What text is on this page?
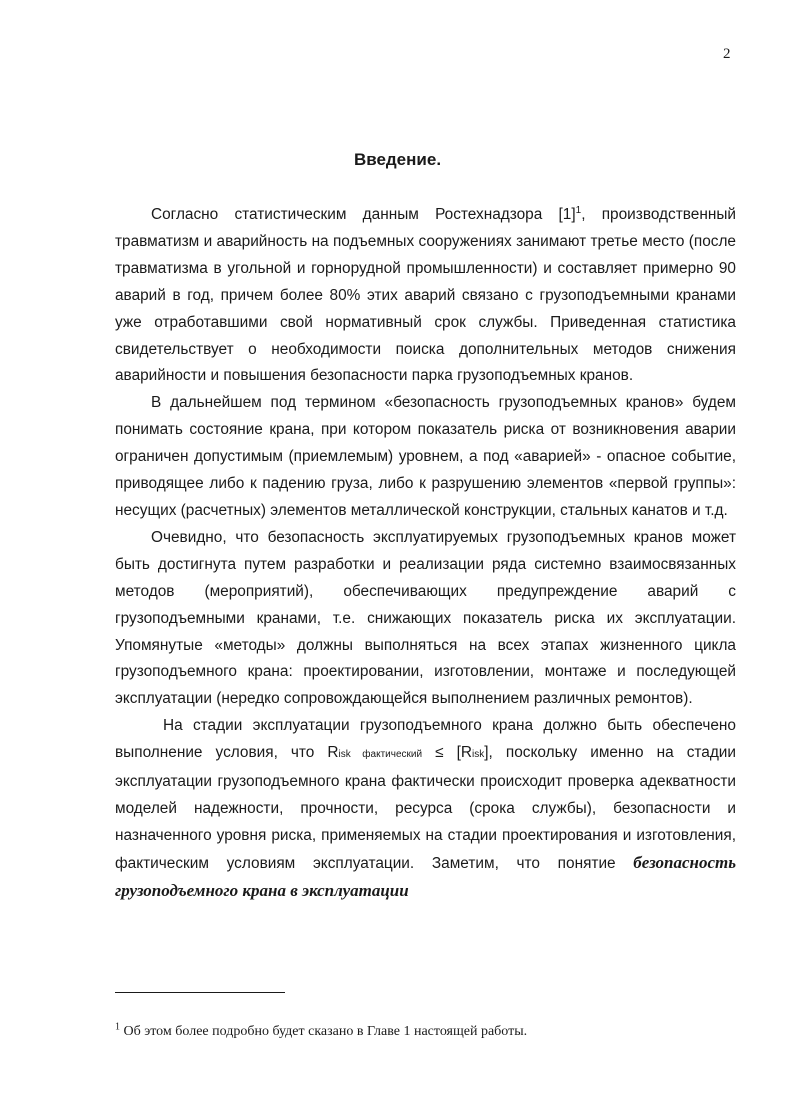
2
Введение.

Согласно статистическим данным Ростехнадзора [1]$^1$, производственный травматизм и аварийность на подъемных сооружениях занимают третье место (после травматизма в угольной и горнорудной промышленности) и составляет примерно 90 аварий в год, причем более 80% этих аварий связано с грузоподъемными кранами уже отработавшими свой нормативный срок службы. Приведенная статистика свидетельствует о необходимости поиска дополнительных методов снижения аварийности и повышения безопасности парка грузоподъемных кранов.

В дальнейшем под термином «безопасность грузоподъемных кранов» будем понимать состояние крана, при котором показатель риска от возникновения аварии ограничен допустимым (приемлемым) уровнем, а под «аварией» - опасное событие, приводящее либо к падению груза, либо к разрушению элементов «первой группы»: несущих (расчетных) элементов металлической конструкции, стальных канатов и т.д.

Очевидно, что безопасность эксплуатируемых грузоподъемных кранов может быть достигнута путем разработки и реализации ряда системно взаимосвязанных методов (мероприятий), обеспечивающих предупреждение аварий с грузоподъемными кранами, т.е. снижающих показатель риска их эксплуатации. Упомянутые «методы» должны выполняться на всех этапах жизненного цикла грузоподъемного крана: проектировании, изготовлении, монтаже и последующей эксплуатации (нередко сопровождающейся выполнением различных ремонтов).

На стадии эксплуатации грузоподъемного крана должно быть обеспечено выполнение условия, что Risk фактический ≤ [Risk], поскольку именно на стадии эксплуатации грузоподъемного крана фактически происходит проверка адекватности моделей надежности, прочности, ресурса (срока службы), безопасности и назначенного уровня риска, применяемых на стадии проектирования и изготовления, фактическим условиям эксплуатации. Заметим, что понятие безопасность грузоподъемного крана в эксплуатации

$^1$ Об этом более подробно будет сказано в Главе 1 настоящей работы.
